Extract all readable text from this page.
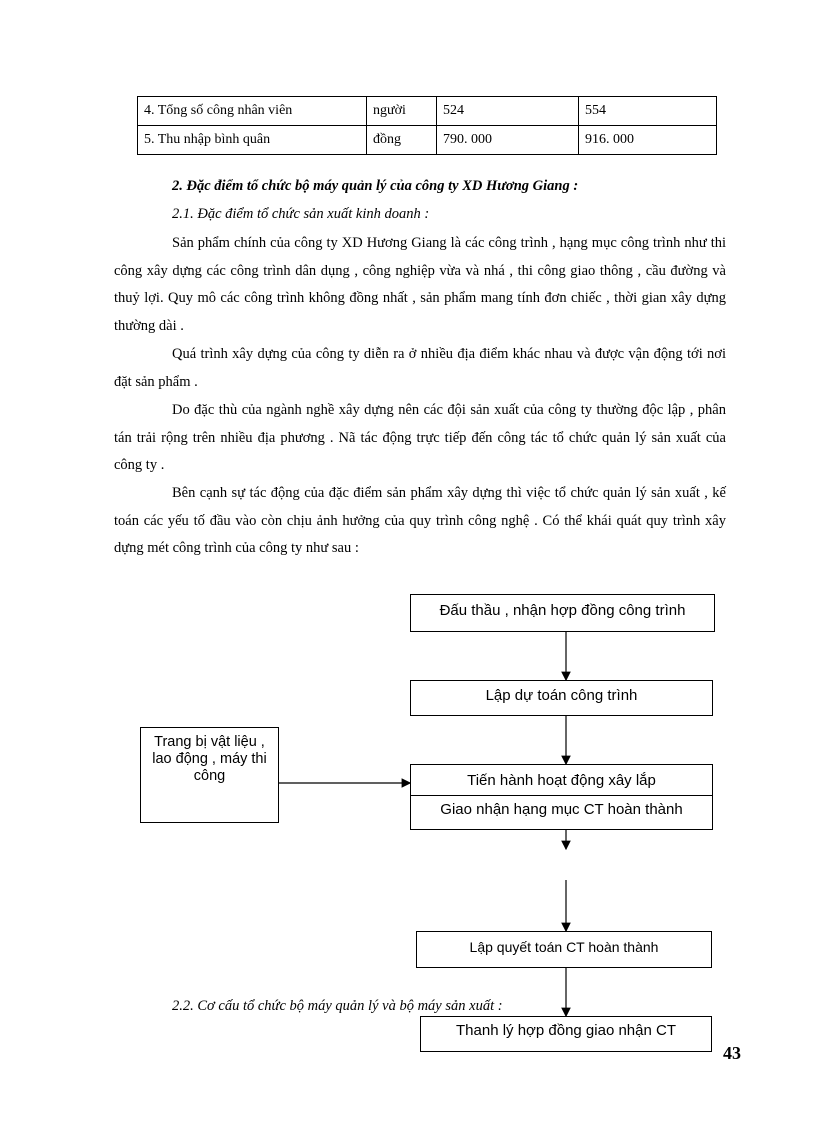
4. Tổng số công nhân viên	người	524	554
5. Thu nhập bình quân	đồng	790. 000	916. 000

2. Đặc điểm tổ chức bộ máy quản lý của công ty XD Hương Giang :

2.1. Đặc điểm tổ chức sản xuất kinh doanh :

Sản phẩm chính của công ty XD Hương Giang là các công trình , hạng mục công trình như thi công xây dựng các công trình dân dụng , công nghiệp vừa và nhá , thi công giao thông , cầu đường và thuỷ lợi. Quy mô các công trình không đồng nhất , sản phẩm mang tính đơn chiếc , thời gian xây dựng thường dài .

Quá trình xây dựng của công ty diễn ra ở nhiều địa điểm khác nhau và được vận động tới nơi đặt sản phẩm .

Do đặc thù của ngành nghề xây dựng nên các đội sản xuất của công ty thường độc lập , phân tán trải rộng trên nhiều địa phương . Nã tác động trực tiếp đến công tác tổ chức quản lý sản xuất của công ty .

Bên cạnh sự tác động của đặc điểm sản phẩm xây dựng thì việc tổ chức quản lý sản xuất , kế toán các yếu tố đầu vào còn chịu ảnh hưởng của quy trình công nghệ . Có thể khái quát quy trình xây dựng mét công trình của công ty như sau :

Đấu thầu , nhận hợp đồng công trình
Lập dự toán công trình
Tiến hành hoạt động xây lắp
Giao nhận hạng mục CT hoàn thành
Trang bị vật liệu , lao động , máy thi công
Lập quyết toán CT hoàn thành

2.2. Cơ cấu tổ chức bộ máy quản lý và bộ máy sản xuất :

Thanh lý hợp đồng giao nhận CT
43
